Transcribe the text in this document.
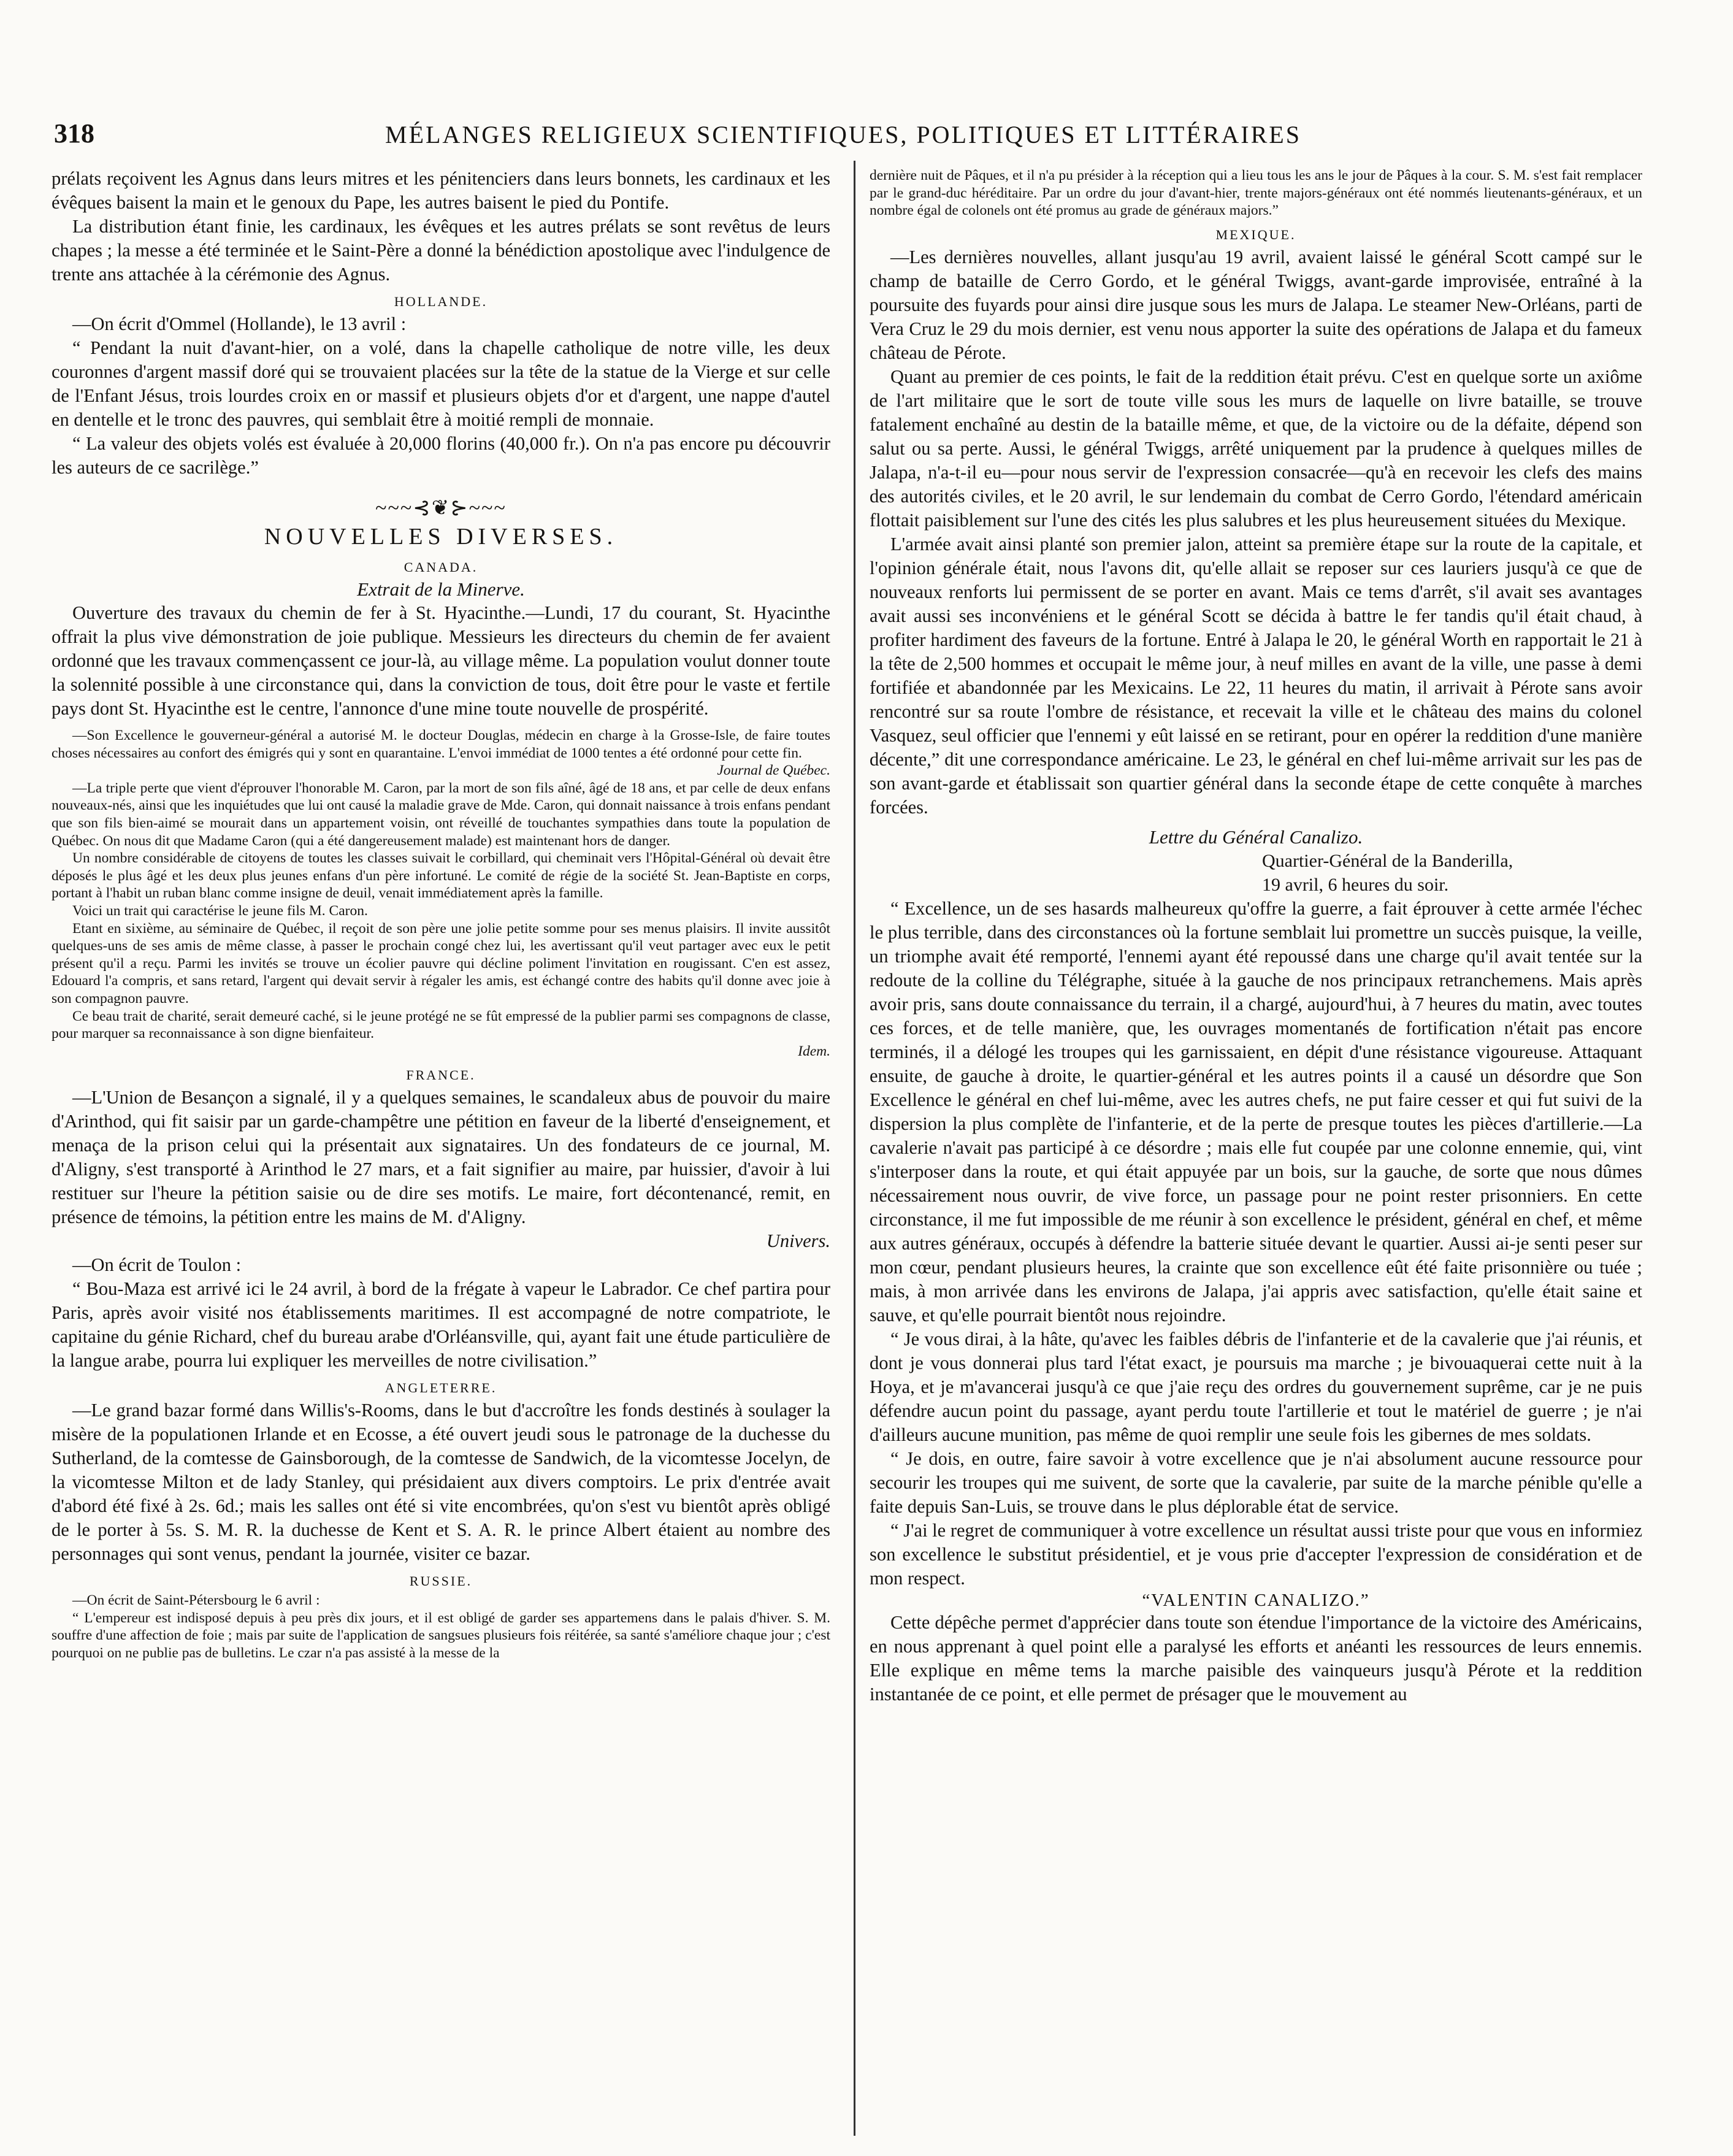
318	MÉLANGES RELIGIEUX SCIENTIFIQUES, POLITIQUES ET LITTÉRAIRES

prélats reçoivent les Agnus dans leurs mitres et les pénitenciers dans leurs bonnets, les cardinaux et les évêques baisent la main et le genoux du Pape, les autres baisent le pied du Pontife.

La distribution étant finie, les cardinaux, les évêques et les autres prélats se sont revêtus de leurs chapes ; la messe a été terminée et le Saint-Père a donné la bénédiction apostolique avec l'indulgence de trente ans attachée à la cérémonie des Agnus.

HOLLANDE.

—On écrit d'Ommel (Hollande), le 13 avril :

“ Pendant la nuit d'avant-hier, on a volé, dans la chapelle catholique de notre ville, les deux couronnes d'argent massif doré qui se trouvaient placées sur la tête de la statue de la Vierge et sur celle de l'Enfant Jésus, trois lourdes croix en or massif et plusieurs objets d'or et d'argent, une nappe d'autel en dentelle et le tronc des pauvres, qui semblait être à moitié rempli de monnaie.

“ La valeur des objets volés est évaluée à 20,000 florins (40,000 fr.). On n'a pas encore pu découvrir les auteurs de ce sacrilège.”

~~~⊰❦⊱~~~
NOUVELLES DIVERSES.
CANADA.
Extrait de la Minerve.

Ouverture des travaux du chemin de fer à St. Hyacinthe.—Lundi, 17 du courant, St. Hyacinthe offrait la plus vive démonstration de joie publique. Messieurs les directeurs du chemin de fer avaient ordonné que les travaux commençassent ce jour-là, au village même. La population voulut donner toute la solennité possible à une circonstance qui, dans la conviction de tous, doit être pour le vaste et fertile pays dont St. Hyacinthe est le centre, l'annonce d'une mine toute nouvelle de prospérité.

—Son Excellence le gouverneur-général a autorisé M. le docteur Douglas, médecin en charge à la Grosse-Isle, de faire toutes choses nécessaires au confort des émigrés qui y sont en quarantaine. L'envoi immédiat de 1000 tentes a été ordonné pour cette fin.

Journal de Québec.

—La triple perte que vient d'éprouver l'honorable M. Caron, par la mort de son fils aîné, âgé de 18 ans, et par celle de deux enfans nouveaux-nés, ainsi que les inquiétudes que lui ont causé la maladie grave de Mde. Caron, qui donnait naissance à trois enfans pendant que son fils bien-aimé se mourait dans un appartement voisin, ont réveillé de touchantes sympathies dans toute la population de Québec. On nous dit que Madame Caron (qui a été dangereusement malade) est maintenant hors de danger.

Un nombre considérable de citoyens de toutes les classes suivait le corbillard, qui cheminait vers l'Hôpital-Général où devait être déposés le plus âgé et les deux plus jeunes enfans d'un père infortuné. Le comité de régie de la société St. Jean-Baptiste en corps, portant à l'habit un ruban blanc comme insigne de deuil, venait immédiatement après la famille.

Voici un trait qui caractérise le jeune fils M. Caron.

Etant en sixième, au séminaire de Québec, il reçoit de son père une jolie petite somme pour ses menus plaisirs. Il invite aussitôt quelques-uns de ses amis de même classe, à passer le prochain congé chez lui, les avertissant qu'il veut partager avec eux le petit présent qu'il a reçu. Parmi les invités se trouve un écolier pauvre qui décline poliment l'invitation en rougissant. C'en est assez, Edouard l'a compris, et sans retard, l'argent qui devait servir à régaler les amis, est échangé contre des habits qu'il donne avec joie à son compagnon pauvre.

Ce beau trait de charité, serait demeuré caché, si le jeune protégé ne se fût empressé de la publier parmi ses compagnons de classe, pour marquer sa reconnaissance à son digne bienfaiteur.

Idem.

FRANCE.

—L'Union de Besançon a signalé, il y a quelques semaines, le scandaleux abus de pouvoir du maire d'Arinthod, qui fit saisir par un garde-champêtre une pétition en faveur de la liberté d'enseignement, et menaça de la prison celui qui la présentait aux signataires. Un des fondateurs de ce journal, M. d'Aligny, s'est transporté à Arinthod le 27 mars, et a fait signifier au maire, par huissier, d'avoir à lui restituer sur l'heure la pétition saisie ou de dire ses motifs. Le maire, fort décontenancé, remit, en présence de témoins, la pétition entre les mains de M. d'Aligny.

Univers.

—On écrit de Toulon :

“ Bou-Maza est arrivé ici le 24 avril, à bord de la frégate à vapeur le Labrador. Ce chef partira pour Paris, après avoir visité nos établissements maritimes. Il est accompagné de notre compatriote, le capitaine du génie Richard, chef du bureau arabe d'Orléansville, qui, ayant fait une étude particulière de la langue arabe, pourra lui expliquer les merveilles de notre civilisation.”

ANGLETERRE.

—Le grand bazar formé dans Willis's-Rooms, dans le but d'accroître les fonds destinés à soulager la misère de la populationen Irlande et en Ecosse, a été ouvert jeudi sous le patronage de la duchesse du Sutherland, de la comtesse de Gainsborough, de la comtesse de Sandwich, de la vicomtesse Jocelyn, de la vicomtesse Milton et de lady Stanley, qui présidaient aux divers comptoirs. Le prix d'entrée avait d'abord été fixé à 2s. 6d.; mais les salles ont été si vite encombrées, qu'on s'est vu bientôt après obligé de le porter à 5s. S. M. R. la duchesse de Kent et S. A. R. le prince Albert étaient au nombre des personnages qui sont venus, pendant la journée, visiter ce bazar.

RUSSIE.

—On écrit de Saint-Pétersbourg le 6 avril :

“ L'empereur est indisposé depuis à peu près dix jours, et il est obligé de garder ses appartemens dans le palais d'hiver. S. M. souffre d'une affection de foie ; mais par suite de l'application de sangsues plusieurs fois réitérée, sa santé s'améliore chaque jour ; c'est pourquoi on ne publie pas de bulletins. Le czar n'a pas assisté à la messe de la

dernière nuit de Pâques, et il n'a pu présider à la réception qui a lieu tous les ans le jour de Pâques à la cour. S. M. s'est fait remplacer par le grand-duc héréditaire. Par un ordre du jour d'avant-hier, trente majors-généraux ont été nommés lieutenants-généraux, et un nombre égal de colonels ont été promus au grade de généraux majors.”

MEXIQUE.

—Les dernières nouvelles, allant jusqu'au 19 avril, avaient laissé le général Scott campé sur le champ de bataille de Cerro Gordo, et le général Twiggs, avant-garde improvisée, entraîné à la poursuite des fuyards pour ainsi dire jusque sous les murs de Jalapa. Le steamer New-Orléans, parti de Vera Cruz le 29 du mois dernier, est venu nous apporter la suite des opérations de Jalapa et du fameux château de Pérote.

Quant au premier de ces points, le fait de la reddition était prévu. C'est en quelque sorte un axiôme de l'art militaire que le sort de toute ville sous les murs de laquelle on livre bataille, se trouve fatalement enchaîné au destin de la bataille même, et que, de la victoire ou de la défaite, dépend son salut ou sa perte. Aussi, le général Twiggs, arrêté uniquement par la prudence à quelques milles de Jalapa, n'a-t-il eu—pour nous servir de l'expression consacrée—qu'à en recevoir les clefs des mains des autorités civiles, et le 20 avril, le sur lendemain du combat de Cerro Gordo, l'étendard américain flottait paisiblement sur l'une des cités les plus salubres et les plus heureusement situées du Mexique.

L'armée avait ainsi planté son premier jalon, atteint sa première étape sur la route de la capitale, et l'opinion générale était, nous l'avons dit, qu'elle allait se reposer sur ces lauriers jusqu'à ce que de nouveaux renforts lui permissent de se porter en avant. Mais ce tems d'arrêt, s'il avait ses avantages avait aussi ses inconvéniens et le général Scott se décida à battre le fer tandis qu'il était chaud, à profiter hardiment des faveurs de la fortune. Entré à Jalapa le 20, le général Worth en rapportait le 21 à la tête de 2,500 hommes et occupait le même jour, à neuf milles en avant de la ville, une passe à demi fortifiée et abandonnée par les Mexicains. Le 22, 11 heures du matin, il arrivait à Pérote sans avoir rencontré sur sa route l'ombre de résistance, et recevait la ville et le château des mains du colonel Vasquez, seul officier que l'ennemi y eût laissé en se retirant, pour en opérer la reddition d'une manière décente,” dit une correspondance américaine. Le 23, le général en chef lui-même arrivait sur les pas de son avant-garde et établissait son quartier général dans la seconde étape de cette conquête à marches forcées.

Lettre du Général Canalizo.
Quartier-Général de la Banderilla,
19 avril, 6 heures du soir.

“ Excellence, un de ses hasards malheureux qu'offre la guerre, a fait éprouver à cette armée l'échec le plus terrible, dans des circonstances où la fortune semblait lui promettre un succès puisque, la veille, un triomphe avait été remporté, l'ennemi ayant été repoussé dans une charge qu'il avait tentée sur la redoute de la colline du Télégraphe, située à la gauche de nos principaux retranchemens. Mais après avoir pris, sans doute connaissance du terrain, il a chargé, aujourd'hui, à 7 heures du matin, avec toutes ces forces, et de telle manière, que, les ouvrages momentanés de fortification n'était pas encore terminés, il a délogé les troupes qui les garnissaient, en dépit d'une résistance vigoureuse. Attaquant ensuite, de gauche à droite, le quartier-général et les autres points il a causé un désordre que Son Excellence le général en chef lui-même, avec les autres chefs, ne put faire cesser et qui fut suivi de la dispersion la plus complète de l'infanterie, et de la perte de presque toutes les pièces d'artillerie.—La cavalerie n'avait pas participé à ce désordre ; mais elle fut coupée par une colonne ennemie, qui, vint s'interposer dans la route, et qui était appuyée par un bois, sur la gauche, de sorte que nous dûmes nécessairement nous ouvrir, de vive force, un passage pour ne point rester prisonniers. En cette circonstance, il me fut impossible de me réunir à son excellence le président, général en chef, et même aux autres généraux, occupés à défendre la batterie située devant le quartier. Aussi ai-je senti peser sur mon cœur, pendant plusieurs heures, la crainte que son excellence eût été faite prisonnière ou tuée ; mais, à mon arrivée dans les environs de Jalapa, j'ai appris avec satisfaction, qu'elle était saine et sauve, et qu'elle pourrait bientôt nous rejoindre.

“ Je vous dirai, à la hâte, qu'avec les faibles débris de l'infanterie et de la cavalerie que j'ai réunis, et dont je vous donnerai plus tard l'état exact, je poursuis ma marche ; je bivouaquerai cette nuit à la Hoya, et je m'avancerai jusqu'à ce que j'aie reçu des ordres du gouvernement suprême, car je ne puis défendre aucun point du passage, ayant perdu toute l'artillerie et tout le matériel de guerre ; je n'ai d'ailleurs aucune munition, pas même de quoi remplir une seule fois les gibernes de mes soldats.

“ Je dois, en outre, faire savoir à votre excellence que je n'ai absolument aucune ressource pour secourir les troupes qui me suivent, de sorte que la cavalerie, par suite de la marche pénible qu'elle a faite depuis San-Luis, se trouve dans le plus déplorable état de service.

“ J'ai le regret de communiquer à votre excellence un résultat aussi triste pour que vous en informiez son excellence le substitut présidentiel, et je vous prie d'accepter l'expression de considération et de mon respect.

“VALENTIN CANALIZO.”

Cette dépêche permet d'apprécier dans toute son étendue l'importance de la victoire des Américains, en nous apprenant à quel point elle a paralysé les efforts et anéanti les ressources de leurs ennemis. Elle explique en même tems la marche paisible des vainqueurs jusqu'à Pérote et la reddition instantanée de ce point, et elle permet de présager que le mouvement au
